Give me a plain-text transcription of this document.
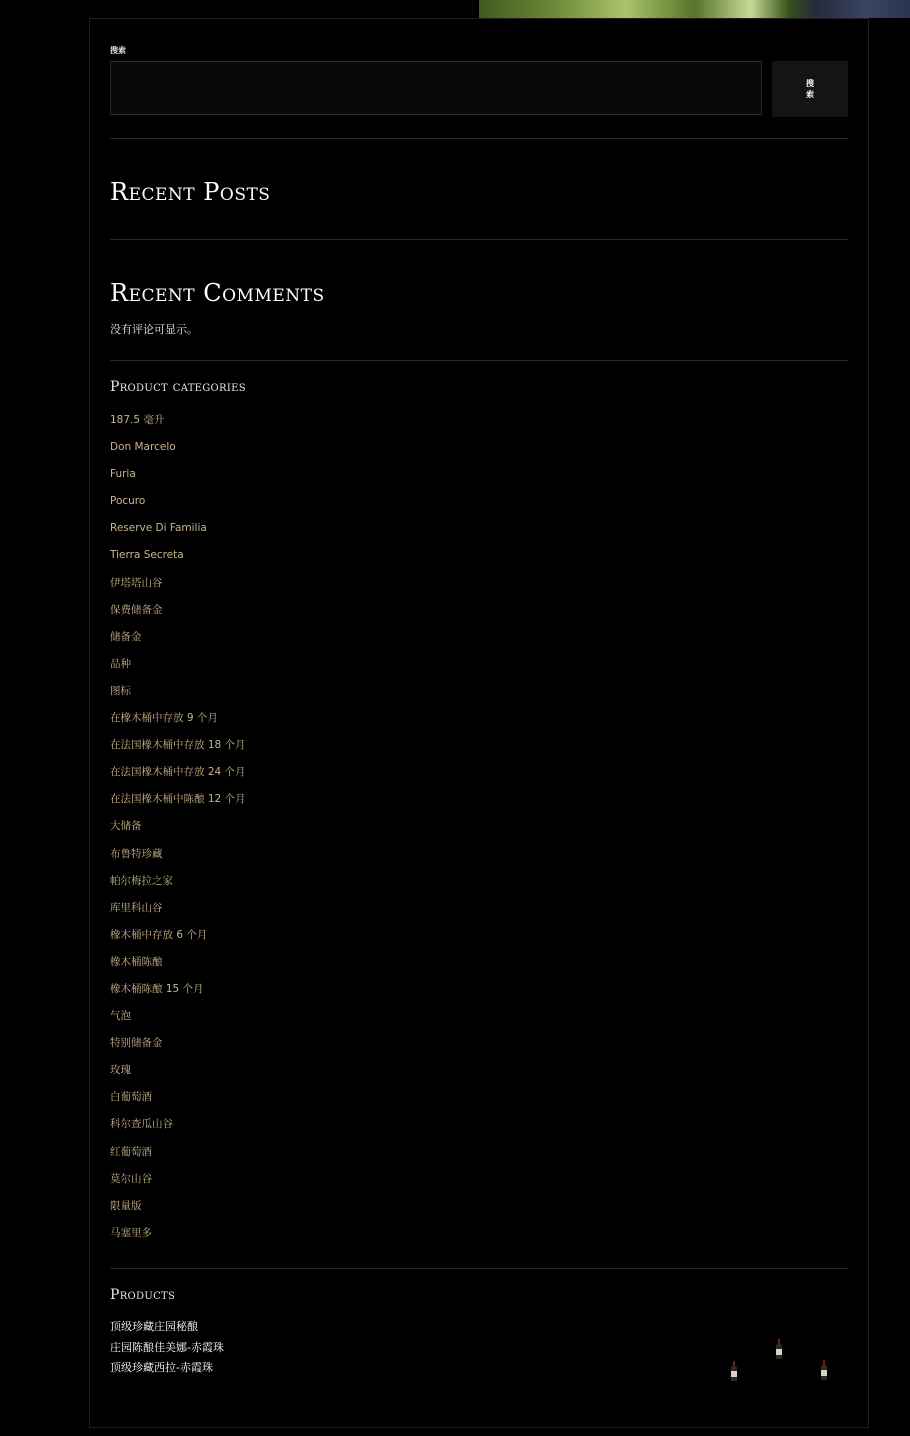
搜索
搜索
Recent Posts
Recent Comments
没有评论可显示。
Product categories
187.5 毫升
Don Marcelo
Furia
Pocuro
Reserve Di Familia
Tierra Secreta
伊塔塔山谷
保费储备金
储备金
品种
图标
在橡木桶中存放 9 个月
在法国橡木桶中存放 18 个月
在法国橡木桶中存放 24 个月
在法国橡木桶中陈酿 12 个月
大储备
布鲁特珍藏
帕尔梅拉之家
库里科山谷
橡木桶中存放 6 个月
橡木桶陈酿
橡木桶陈酿 15 个月
气泡
特别储备金
玫瑰
白葡萄酒
科尔查瓜山谷
红葡萄酒
莫尔山谷
限量版
马塞里多
Products
顶级珍藏庄园秘酿
庄园陈酿佳美娜-赤霞珠
顶级珍藏西拉-赤霞珠
